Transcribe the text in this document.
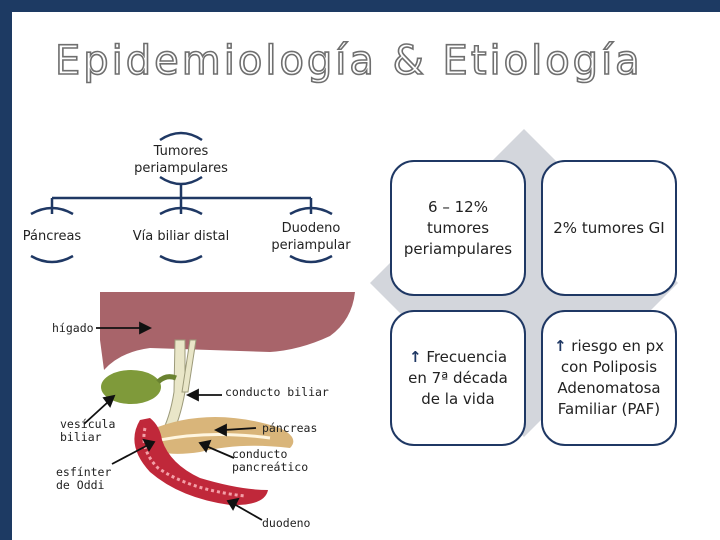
Epidemiología & Etiología
Tumores
periampulares
Páncreas	Vía biliar distal
Duodeno
periampular
6 – 12%
tumores
periampulares
2% tumores GI
↑ Frecuencia
en 7ª década
de la vida
↑ riesgo en px
con Poliposis
Adenomatosa
Familiar (PAF)
hígado
conducto biliar
vesícula
biliar
páncreas
conducto
pancreático
esfínter
de Oddi
duodeno
